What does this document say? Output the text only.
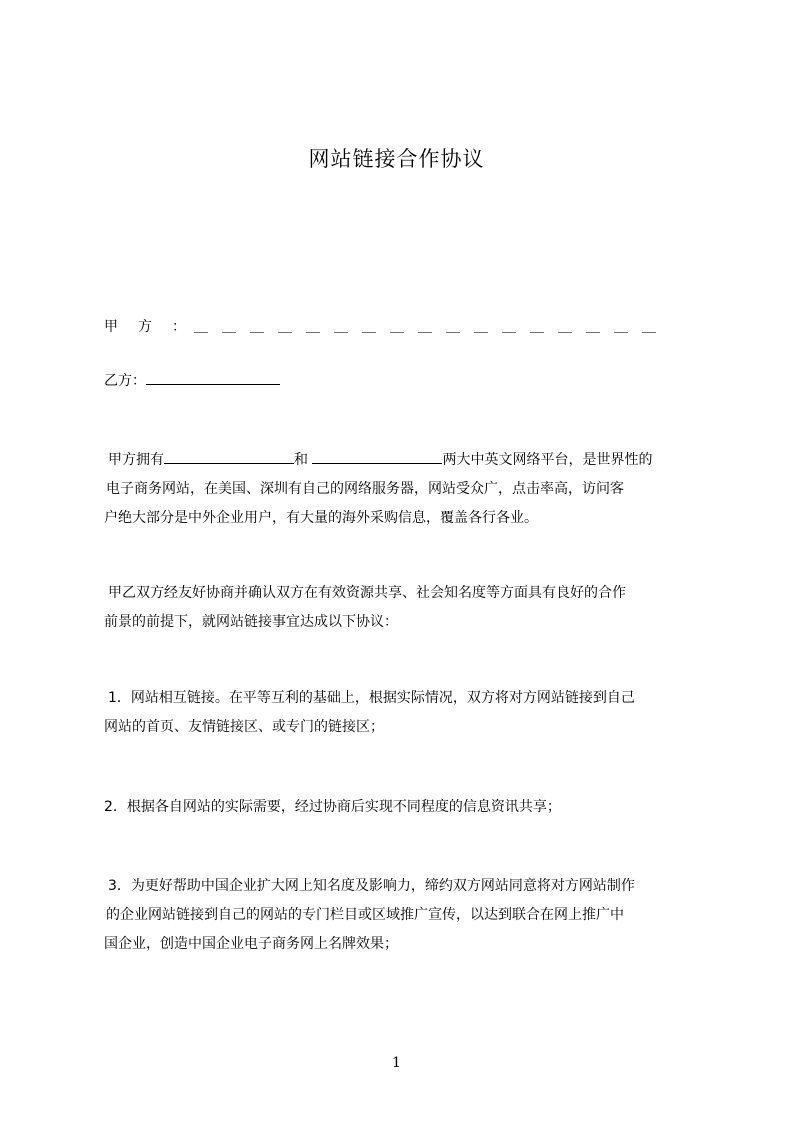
网站链接合作协议
甲方： ＿＿＿＿＿＿＿＿＿＿＿＿＿＿＿＿＿
乙方：
甲方拥有	和	两大中英文网络平台，是世界性的
电子商务网站，在美国、深圳有自己的网络服务器，网站受众广，点击率高，访问客
户绝大部分是中外企业用户，有大量的海外采购信息，覆盖各行各业。
甲乙双方经友好协商并确认双方在有效资源共享、社会知名度等方面具有良好的合作
前景的前提下，就网站链接事宜达成以下协议：
1．网站相互链接。在平等互利的基础上，根据实际情况，双方将对方网站链接到自己
网站的首页、友情链接区、或专门的链接区；
2．根据各自网站的实际需要，经过协商后实现不同程度的信息资讯共享；
3．为更好帮助中国企业扩大网上知名度及影响力，缔约双方网站同意将对方网站制作
的企业网站链接到自己的网站的专门栏目或区域推广宣传，以达到联合在网上推广中
国企业，创造中国企业电子商务网上名牌效果；
1
